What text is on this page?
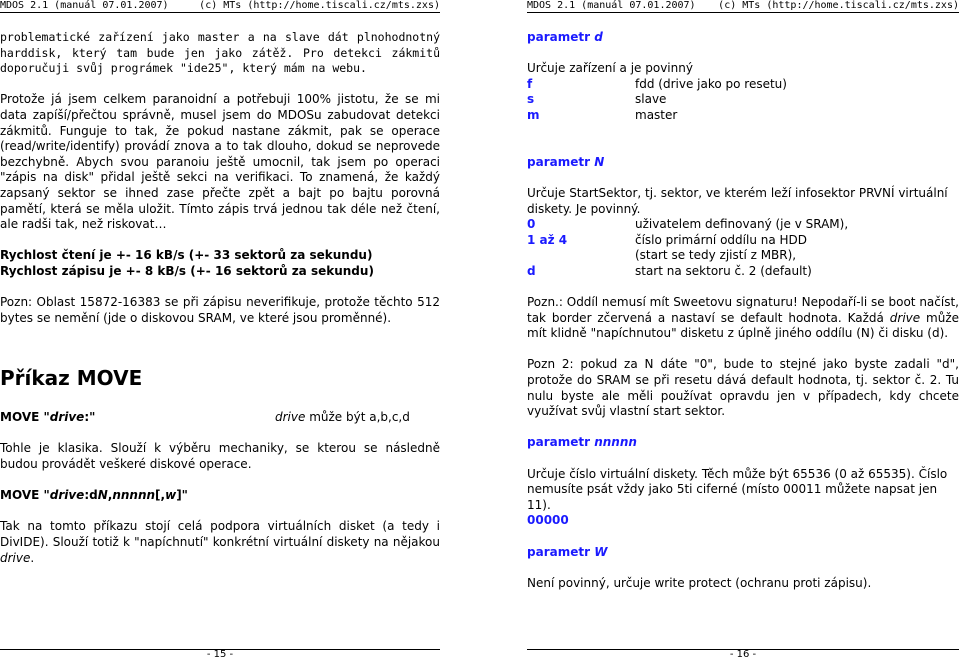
MDOS 2.1 (manuál 07.01.2007)	(c) MTs (http://home.tiscali.cz/mts.zxs)

problematické zařízení jako master a na slave dát plnohodnotný harddisk, který tam bude jen jako zátěž. Pro detekci zákmitů doporučuji svůj prográmek "ide25", který mám na webu.

Protože já jsem celkem paranoidní a potřebuji 100% jistotu, že se mi data zapíší/přečtou správně, musel jsem do MDOSu zabudovat detekci zákmitů. Funguje to tak, že pokud nastane zákmit, pak se operace (read/write/identify) provádí znova a to tak dlouho, dokud se neprovede bezchybně. Abych svou paranoiu ještě umocnil, tak jsem po operaci "zápis na disk" přidal ještě sekci na verifikaci. To znamená, že každý zapsaný sektor se ihned zase přečte zpět a bajt po bajtu porovná pamětí, která se měla uložit. Tímto zápis trvá jednou tak déle než čtení, ale radši tak, než riskovat…

Rychlost čtení je +- 16 kB/s (+- 33 sektorů za sekundu)

Rychlost zápisu je +- 8 kB/s (+- 16 sektorů za sekundu)

Pozn: Oblast 15872-16383 se při zápisu neverifikuje, protože těchto 512 bytes se nemění (jde o diskovou SRAM, ve které jsou proměnné).

Příkaz MOVE

MOVE "drive:"	drive může být a,b,c,d

Tohle je klasika. Slouží k výběru mechaniky, se kterou se následně budou provádět veškeré diskové operace.

MOVE "drive:dN,nnnnn[,w]"

Tak na tomto příkazu stojí celá podpora virtuálních disket (a tedy i DivIDE). Slouží totiž k "napíchnutí" konkrétní virtuální diskety na nějakou drive.

- 15 -
MDOS 2.1 (manuál 07.01.2007) (c) MTs (http://home.tiscali.cz/mts.zxs)

parametr d

Určuje zařízení a je povinný

f	fdd (drive jako po resetu)
s	slave
m	master

parametr N

Určuje StartSektor, tj. sektor, ve kterém leží infosektor PRVNÍ virtuální diskety. Je povinný.

0	uživatelem definovaný (je v SRAM),
1 až 4	číslo primární oddílu na HDD
(start se tedy zjistí z MBR),
d	start na sektoru č. 2 (default)

Pozn.: Oddíl nemusí mít Sweetovu signaturu! Nepodaří-li se boot načíst, tak border zčervená a nastaví se default hodnota. Každá drive může mít klidně "napíchnutou" disketu z úplně jiného oddílu (N) či disku (d).

Pozn 2: pokud za N dáte "0", bude to stejné jako byste zadali "d", protože do SRAM se při resetu dává default hodnota, tj. sektor č. 2. Tu nulu byste ale měli používat opravdu jen v případech, kdy chcete využívat svůj vlastní start sektor.

parametr nnnnn

Určuje číslo virtuální diskety. Těch může být 65536 (0 až 65535). Číslo nemusíte psát vždy jako 5ti ciferné (místo 00011 můžete napsat jen 11).

00000

parametr W

Není povinný, určuje write protect (ochranu proti zápisu).

- 16 -
